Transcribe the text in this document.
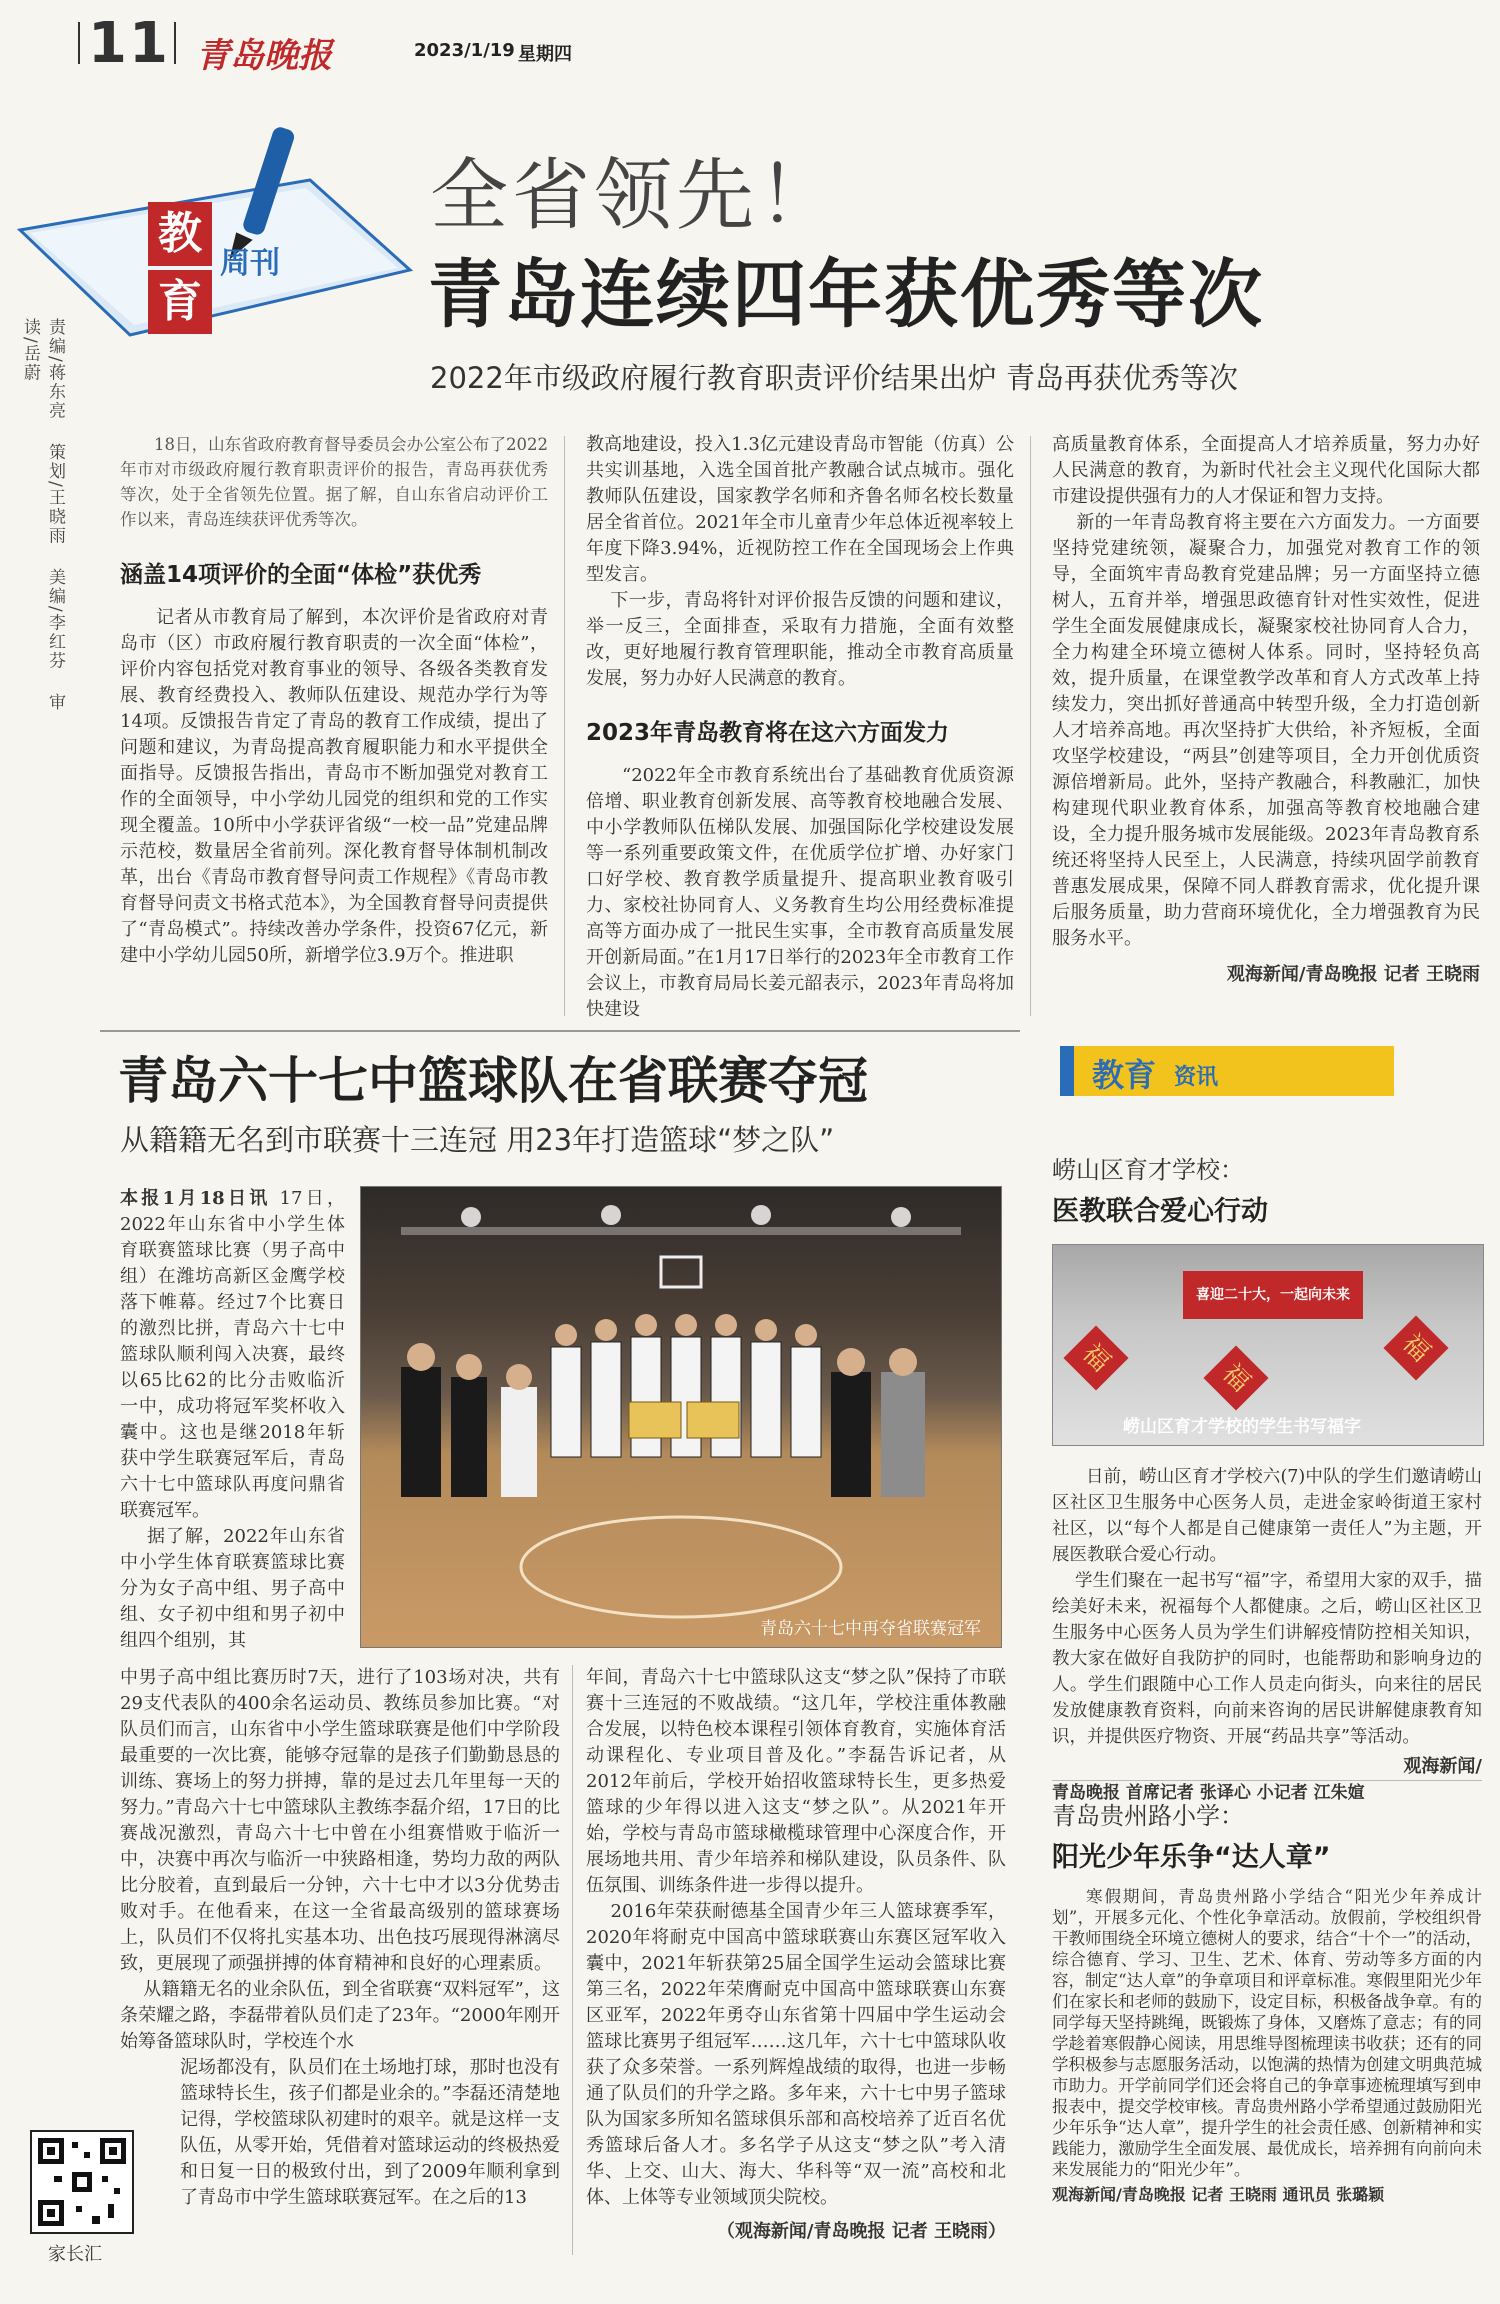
11 青岛晚报	2023/1/19 星期四
教
育
周刊
责编/蒋东亮   策划/王晓雨   美编/李红芬   审读/岳蔚
全省领先！
青岛连续四年获优秀等次
2022年市级政府履行教育职责评价结果出炉 青岛再获优秀等次

18日，山东省政府教育督导委员会办公室公布了2022年市对市级政府履行教育职责评价的报告，青岛再获优秀等次，处于全省领先位置。据了解，自山东省启动评价工作以来，青岛连续获评优秀等次。

涵盖14项评价的全面“体检”获优秀

记者从市教育局了解到，本次评价是省政府对青岛市（区）市政府履行教育职责的一次全面“体检”，评价内容包括党对教育事业的领导、各级各类教育发展、教育经费投入、教师队伍建设、规范办学行为等14项。反馈报告肯定了青岛的教育工作成绩，提出了问题和建议，为青岛提高教育履职能力和水平提供全面指导。反馈报告指出，青岛市不断加强党对教育工作的全面领导，中小学幼儿园党的组织和党的工作实现全覆盖。10所中小学获评省级“一校一品”党建品牌示范校，数量居全省前列。深化教育督导体制机制改革，出台《青岛市教育督导问责工作规程》《青岛市教育督导问责文书格式范本》，为全国教育督导问责提供了“青岛模式”。持续改善办学条件，投资67亿元，新建中小学幼儿园50所，新增学位3.9万个。推进职

教高地建设，投入1.3亿元建设青岛市智能（仿真）公共实训基地，入选全国首批产教融合试点城市。强化教师队伍建设，国家教学名师和齐鲁名师名校长数量居全省首位。2021年全市儿童青少年总体近视率较上年度下降3.94%，近视防控工作在全国现场会上作典型发言。
下一步，青岛将针对评价报告反馈的问题和建议，举一反三，全面排查，采取有力措施，全面有效整改，更好地履行教育管理职能，推动全市教育高质量发展，努力办好人民满意的教育。

2023年青岛教育将在这六方面发力

“2022年全市教育系统出台了基础教育优质资源倍增、职业教育创新发展、高等教育校地融合发展、中小学教师队伍梯队发展、加强国际化学校建设发展等一系列重要政策文件，在优质学位扩增、办好家门口好学校、教育教学质量提升、提高职业教育吸引力、家校社协同育人、义务教育生均公用经费标准提高等方面办成了一批民生实事，全市教育高质量发展开创新局面。”在1月17日举行的2023年全市教育工作会议上，市教育局局长姜元韶表示，2023年青岛将加快建设

高质量教育体系，全面提高人才培养质量，努力办好人民满意的教育，为新时代社会主义现代化国际大都市建设提供强有力的人才保证和智力支持。
新的一年青岛教育将主要在六方面发力。一方面要坚持党建统领，凝聚合力，加强党对教育工作的领导，全面筑牢青岛教育党建品牌；另一方面坚持立德树人，五育并举，增强思政德育针对性实效性，促进学生全面发展健康成长，凝聚家校社协同育人合力，全力构建全环境立德树人体系。同时，坚持轻负高效，提升质量，在课堂教学改革和育人方式改革上持续发力，突出抓好普通高中转型升级，全力打造创新人才培养高地。再次坚持扩大供给，补齐短板，全面攻坚学校建设，“两县”创建等项目，全力开创优质资源倍增新局。此外，坚持产教融合，科教融汇，加快构建现代职业教育体系，加强高等教育校地融合建设，全力提升服务城市发展能级。2023年青岛教育系统还将坚持人民至上，人民满意，持续巩固学前教育普惠发展成果，保障不同人群教育需求，优化提升课后服务质量，助力营商环境优化，全力增强教育为民服务水平。

观海新闻/青岛晚报 记者 王晓雨
青岛六十七中篮球队在省联赛夺冠
从籍籍无名到市联赛十三连冠 用23年打造篮球“梦之队”

本报1月18日讯 17日，2022年山东省中小学生体育联赛篮球比赛（男子高中组）在潍坊高新区金鹰学校落下帷幕。经过7个比赛日的激烈比拼，青岛六十七中篮球队顺利闯入决赛，最终以65比62的比分击败临沂一中，成功将冠军奖杯收入囊中。这也是继2018年斩获中学生联赛冠军后，青岛六十七中篮球队再度问鼎省联赛冠军。
据了解，2022年山东省中小学生体育联赛篮球比赛分为女子高中组、男子高中组、女子初中组和男子初中组四个组别，其

青岛六十七中再夺省联赛冠军

中男子高中组比赛历时7天，进行了103场对决，共有29支代表队的400余名运动员、教练员参加比赛。“对队员们而言，山东省中小学生篮球联赛是他们中学阶段最重要的一次比赛，能够夺冠靠的是孩子们勤勤恳恳的训练、赛场上的努力拼搏，靠的是过去几年里每一天的努力。”青岛六十七中篮球队主教练李磊介绍，17日的比赛战况激烈，青岛六十七中曾在小组赛惜败于临沂一中，决赛中再次与临沂一中狭路相逢，势均力敌的两队比分胶着，直到最后一分钟，六十七中才以3分优势击败对手。在他看来，在这一全省最高级别的篮球赛场上，队员们不仅将扎实基本功、出色技巧展现得淋漓尽致，更展现了顽强拼搏的体育精神和良好的心理素质。
从籍籍无名的业余队伍，到全省联赛“双料冠军”，这条荣耀之路，李磊带着队员们走了23年。“2000年刚开始筹备篮球队时，学校连个水

泥场都没有，队员们在土场地打球，那时也没有篮球特长生，孩子们都是业余的。”李磊还清楚地记得，学校篮球队初建时的艰辛。就是这样一支队伍，从零开始，凭借着对篮球运动的终极热爱和日复一日的极致付出，到了2009年顺利拿到了青岛市中学生篮球联赛冠军。在之后的13

年间，青岛六十七中篮球队这支“梦之队”保持了市联赛十三连冠的不败战绩。“这几年，学校注重体教融合发展，以特色校本课程引领体育教育，实施体育活动课程化、专业项目普及化。”李磊告诉记者，从2012年前后，学校开始招收篮球特长生，更多热爱篮球的少年得以进入这支“梦之队”。从2021年开始，学校与青岛市篮球橄榄球管理中心深度合作，开展场地共用、青少年培养和梯队建设，队员条件、队伍氛围、训练条件进一步得以提升。
2016年荣获耐德基全国青少年三人篮球赛季军，2020年将耐克中国高中篮球联赛山东赛区冠军收入囊中，2021年斩获第25届全国学生运动会篮球比赛第三名，2022年荣膺耐克中国高中篮球联赛山东赛区亚军，2022年勇夺山东省第十四届中学生运动会篮球比赛男子组冠军……这几年，六十七中篮球队收获了众多荣誉。一系列辉煌战绩的取得，也进一步畅通了队员们的升学之路。多年来，六十七中男子篮球队为国家多所知名篮球俱乐部和高校培养了近百名优秀篮球后备人才。多名学子从这支“梦之队”考入清华、上交、山大、海大、华科等“双一流”高校和北体、上体等专业领域顶尖院校。

（观海新闻/青岛晚报 记者 王晓雨）
教育 资讯
崂山区育才学校：
医教联合爱心行动
喜迎二十大，一起向未来
福
福
福
崂山区育才学校的学生书写福字

日前，崂山区育才学校六(7)中队的学生们邀请崂山区社区卫生服务中心医务人员，走进金家岭街道王家村社区，以“每个人都是自己健康第一责任人”为主题，开展医教联合爱心行动。
学生们聚在一起书写“福”字，希望用大家的双手，描绘美好未来，祝福每个人都健康。之后，崂山区社区卫生服务中心医务人员为学生们讲解疫情防控相关知识，教大家在做好自我防护的同时，也能帮助和影响身边的人。学生们跟随中心工作人员走向街头，向来往的居民发放健康教育资料，向前来咨询的居民讲解健康教育知识，并提供医疗物资、开展“药品共享”等活动。

观海新闻/
青岛晚报 首席记者 张译心 小记者 江朱媗
青岛贵州路小学：
阳光少年乐争“达人章”

寒假期间，青岛贵州路小学结合“阳光少年养成计划”，开展多元化、个性化争章活动。放假前，学校组织骨干教师围绕全环境立德树人的要求，结合“十个一”的活动，综合德育、学习、卫生、艺术、体育、劳动等多方面的内容，制定“达人章”的争章项目和评章标准。寒假里阳光少年们在家长和老师的鼓励下，设定目标，积极备战争章。有的同学每天坚持跳绳，既锻炼了身体，又磨炼了意志；有的同学趁着寒假静心阅读，用思维导图梳理读书收获；还有的同学积极参与志愿服务活动，以饱满的热情为创建文明典范城市助力。开学前同学们还会将自己的争章事迹梳理填写到申报表中，提交学校审核。青岛贵州路小学希望通过鼓励阳光少年乐争“达人章”，提升学生的社会责任感、创新精神和实践能力，激励学生全面发展、最优成长，培养拥有向前向未来发展能力的“阳光少年”。

观海新闻/青岛晚报 记者 王晓雨 通讯员 张璐颖
家长汇
